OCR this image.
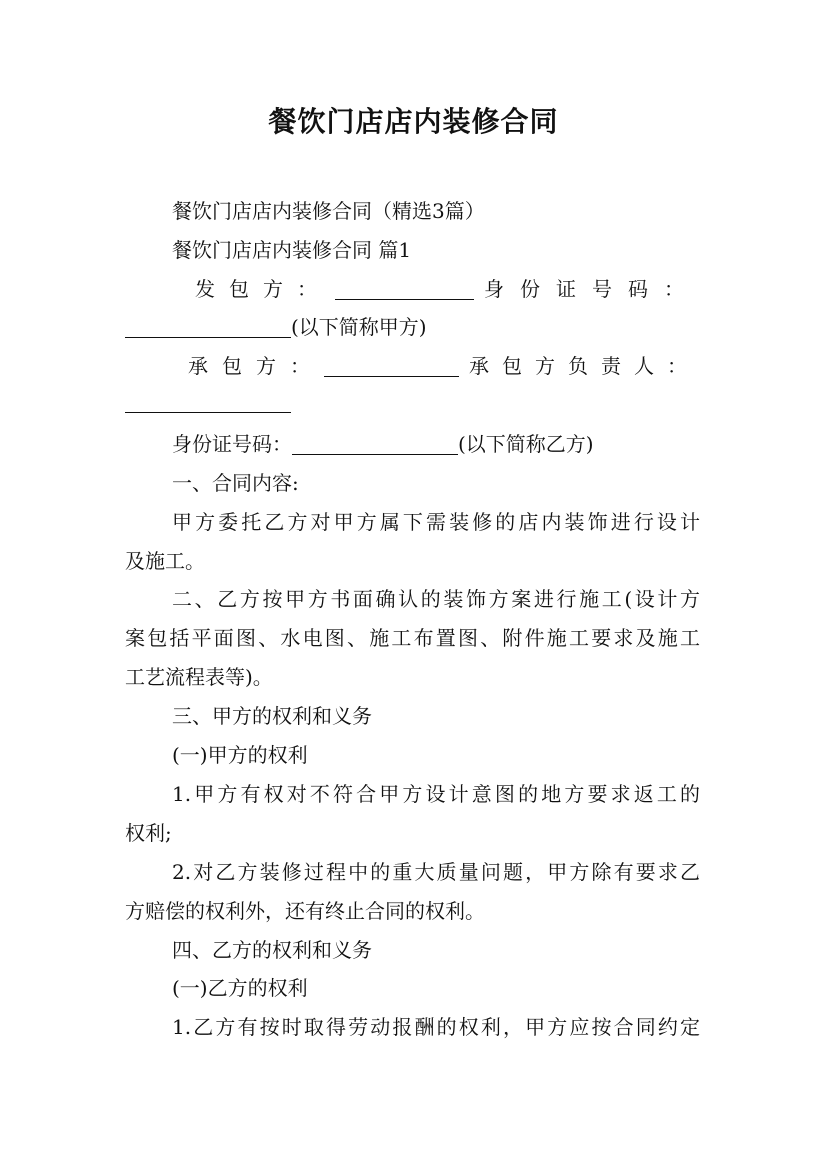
餐饮门店店内装修合同
餐饮门店店内装修合同（精选3篇）
餐饮门店店内装修合同 篇1
发包方：	身份证号码：
(以下简称甲方)
承包方：	承包方负责人：
身份证号码：	(以下简称乙方)
一、合同内容:
甲方委托乙方对甲方属下需装修的店内装饰进行设计
及施工。
二、乙方按甲方书面确认的装饰方案进行施工(设计方
案包括平面图、水电图、施工布置图、附件施工要求及施工
工艺流程表等)。
三、甲方的权利和义务
(一)甲方的权利
1.甲方有权对不符合甲方设计意图的地方要求返工的
权利;
2.对乙方装修过程中的重大质量问题，甲方除有要求乙
方赔偿的权利外，还有终止合同的权利。
四、乙方的权利和义务
(一)乙方的权利
1.乙方有按时取得劳动报酬的权利，甲方应按合同约定
